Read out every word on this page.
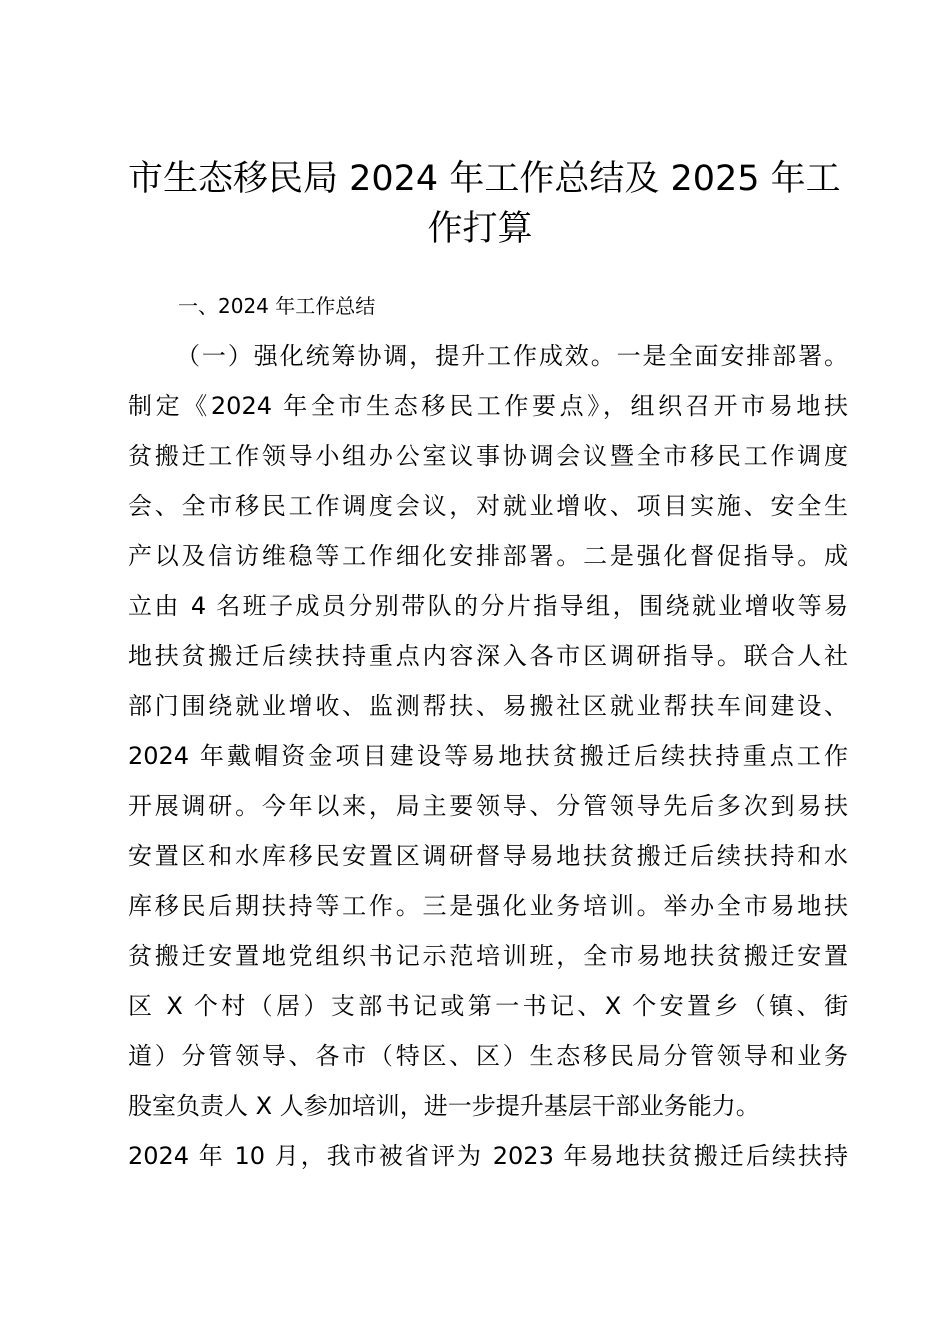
市生态移民局 2024 年工作总结及 2025 年工
作打算

一、2024 年工作总结

（一）强化统筹协调，提升工作成效。一是全面安排部署。
制定《2024 年全市生态移民工作要点》，组织召开市易地扶
贫搬迁工作领导小组办公室议事协调会议暨全市移民工作调度
会、全市移民工作调度会议，对就业增收、项目实施、安全生
产以及信访维稳等工作细化安排部署。二是强化督促指导。成
立由 4 名班子成员分别带队的分片指导组，围绕就业增收等易
地扶贫搬迁后续扶持重点内容深入各市区调研指导。联合人社
部门围绕就业增收、监测帮扶、易搬社区就业帮扶车间建设、
2024 年戴帽资金项目建设等易地扶贫搬迁后续扶持重点工作
开展调研。今年以来，局主要领导、分管领导先后多次到易扶
安置区和水库移民安置区调研督导易地扶贫搬迁后续扶持和水
库移民后期扶持等工作。三是强化业务培训。举办全市易地扶
贫搬迁安置地党组织书记示范培训班，全市易地扶贫搬迁安置
区 X 个村（居）支部书记或第一书记、X 个安置乡（镇、街
道）分管领导、各市（特区、区）生态移民局分管领导和业务
股室负责人 X 人参加培训，进一步提升基层干部业务能力。
2024 年 10 月，我市被省评为 2023 年易地扶贫搬迁后续扶持
